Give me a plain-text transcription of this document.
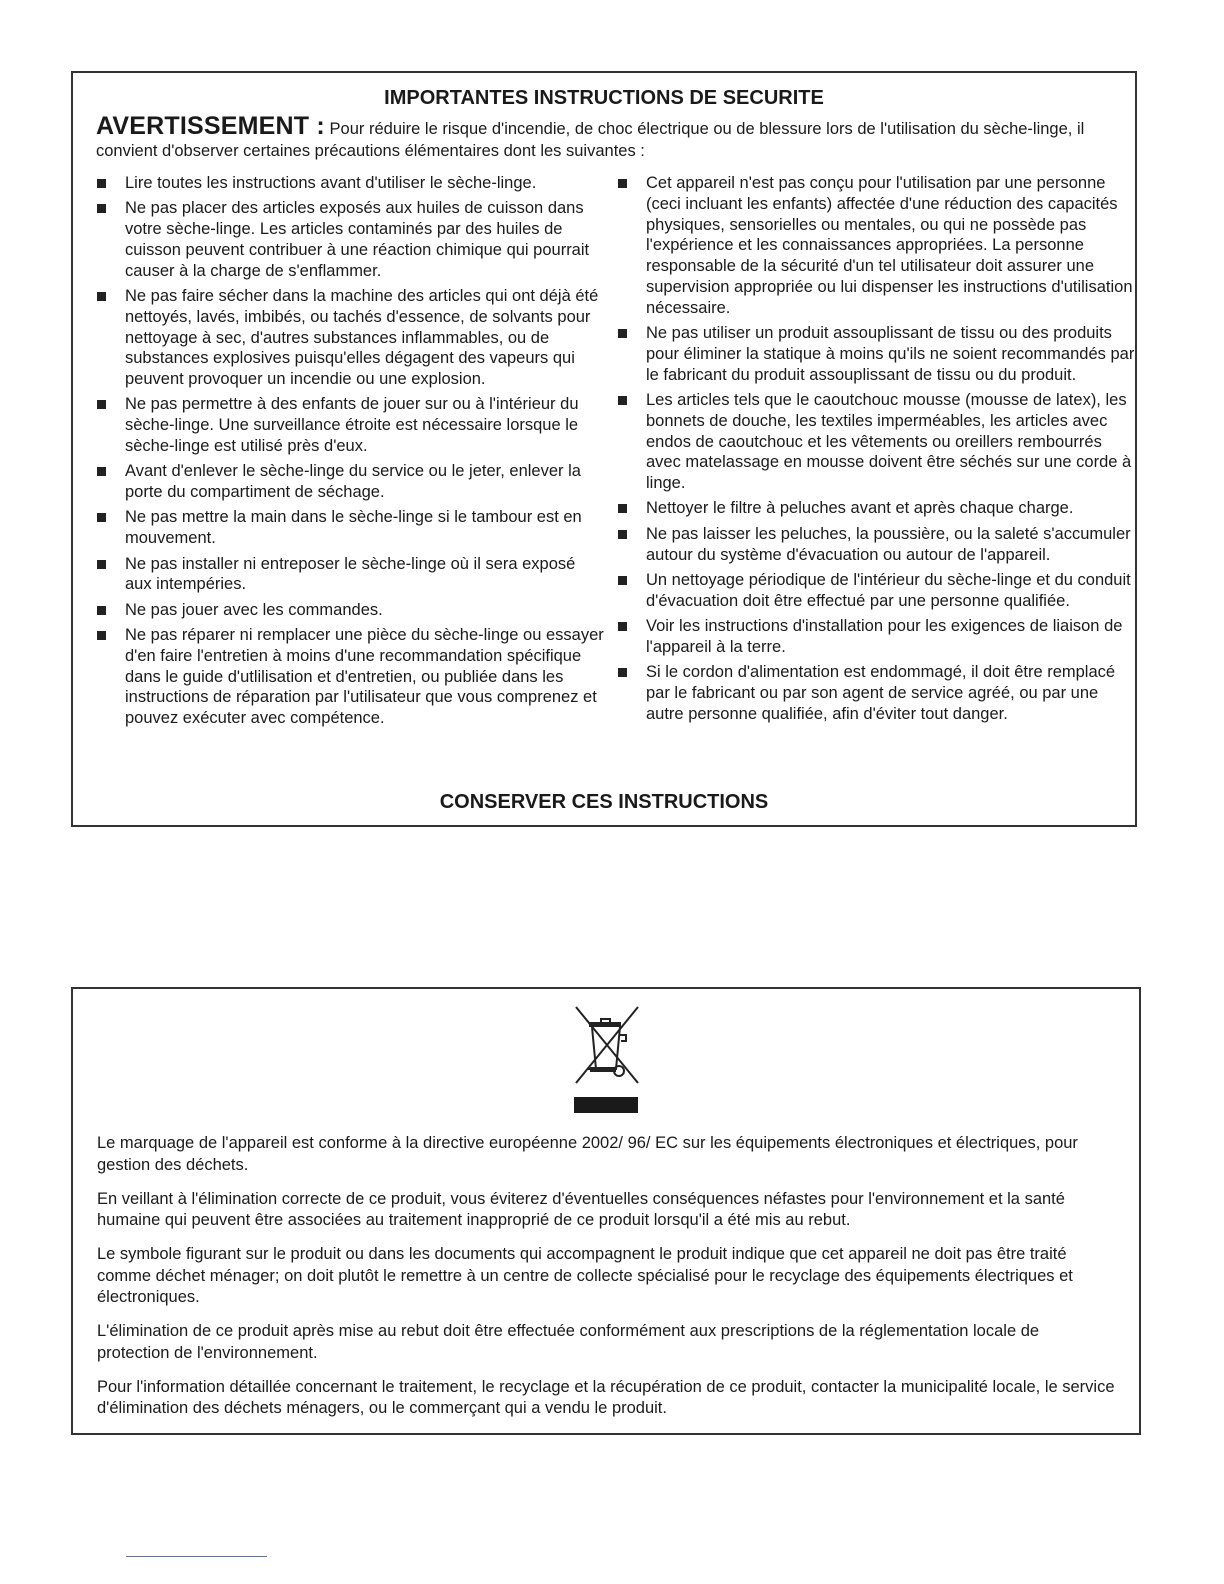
IMPORTANTES INSTRUCTIONS DE SECURITE
AVERTISSEMENT : Pour réduire le risque d'incendie, de choc électrique ou de blessure lors de l'utilisation du sèche-linge, il convient d'observer certaines précautions élémentaires dont les suivantes :
Lire toutes les instructions avant d'utiliser le sèche-linge.
Ne pas placer des articles exposés aux huiles de cuisson dans votre sèche-linge. Les articles contaminés par des huiles de cuisson peuvent contribuer à une réaction chimique qui pourrait causer à la charge de s'enflammer.
Ne pas faire sécher dans la machine des articles qui ont déjà été nettoyés, lavés, imbibés, ou tachés d'essence, de solvants pour nettoyage à sec, d'autres substances inflammables, ou de substances explosives puisqu'elles dégagent des vapeurs qui peuvent provoquer un incendie ou une explosion.
Ne pas permettre à des enfants de jouer sur ou à l'intérieur du sèche-linge. Une surveillance étroite est nécessaire lorsque le sèche-linge est utilisé près d'eux.
Avant d'enlever le sèche-linge du service ou le jeter, enlever la porte du compartiment de séchage.
Ne pas mettre la main dans le sèche-linge si le tambour est en mouvement.
Ne pas installer ni entreposer le sèche-linge où il sera exposé aux intempéries.
Ne pas jouer avec les commandes.
Ne pas réparer ni remplacer une pièce du sèche-linge ou essayer d'en faire l'entretien à moins d'une recommandation spécifique dans le guide d'utlilisation et d'entretien, ou publiée dans les instructions de réparation par l'utilisateur que vous comprenez et pouvez exécuter avec compétence.
Cet appareil n'est pas conçu pour l'utilisation par une personne (ceci incluant les enfants) affectée d'une réduction des capacités physiques, sensorielles ou mentales, ou qui ne possède pas l'expérience et les connaissances appropriées. La personne responsable de la sécurité d'un tel utilisateur doit assurer une supervision appropriée ou lui dispenser les instructions d'utilisation nécessaire.
Ne pas utiliser un produit assouplissant de tissu ou des produits pour éliminer la statique à moins qu'ils ne soient recommandés par le fabricant du produit assouplissant de tissu ou du produit.
Les articles tels que le caoutchouc mousse (mousse de latex), les bonnets de douche, les textiles imperméables, les articles avec endos de caoutchouc et les vêtements ou oreillers rembourrés avec matelassage en mousse doivent être séchés sur une corde à linge.
Nettoyer le filtre à peluches avant et après chaque charge.
Ne pas laisser les peluches, la poussière, ou la saleté s'accumuler autour du système d'évacuation ou autour de l'appareil.
Un nettoyage périodique de l'intérieur du sèche-linge et du conduit d'évacuation doit être effectué par une personne qualifiée.
Voir les instructions d'installation pour les exigences de liaison de l'appareil à la terre.
Si le cordon d'alimentation est endommagé, il doit être remplacé par le fabricant ou par son agent de service agréé, ou par une autre personne qualifiée, afin d'éviter tout danger.
CONSERVER CES INSTRUCTIONS

Le marquage de l'appareil est conforme à la directive européenne 2002/ 96/ EC sur les équipements électroniques et électriques, pour gestion des déchets.

En veillant à l'élimination correcte de ce produit, vous éviterez d'éventuelles conséquences néfastes pour l'environnement et la santé humaine qui peuvent être associées au traitement inapproprié de ce produit lorsqu'il a été mis au rebut.

Le symbole figurant sur le produit ou dans les documents qui accompagnent le produit indique que cet appareil ne doit pas être traité comme déchet ménager; on doit plutôt le remettre à un centre de collecte spécialisé pour le recyclage des équipements électriques et électroniques.

L'élimination de ce produit après mise au rebut doit être effectuée conformément aux prescriptions de la réglementation locale de protection de l'environnement.

Pour l'information détaillée concernant le traitement, le recyclage et la récupération de ce produit, contacter la municipalité locale, le service d'élimination des déchets ménagers, ou le commerçant qui a vendu le produit.
